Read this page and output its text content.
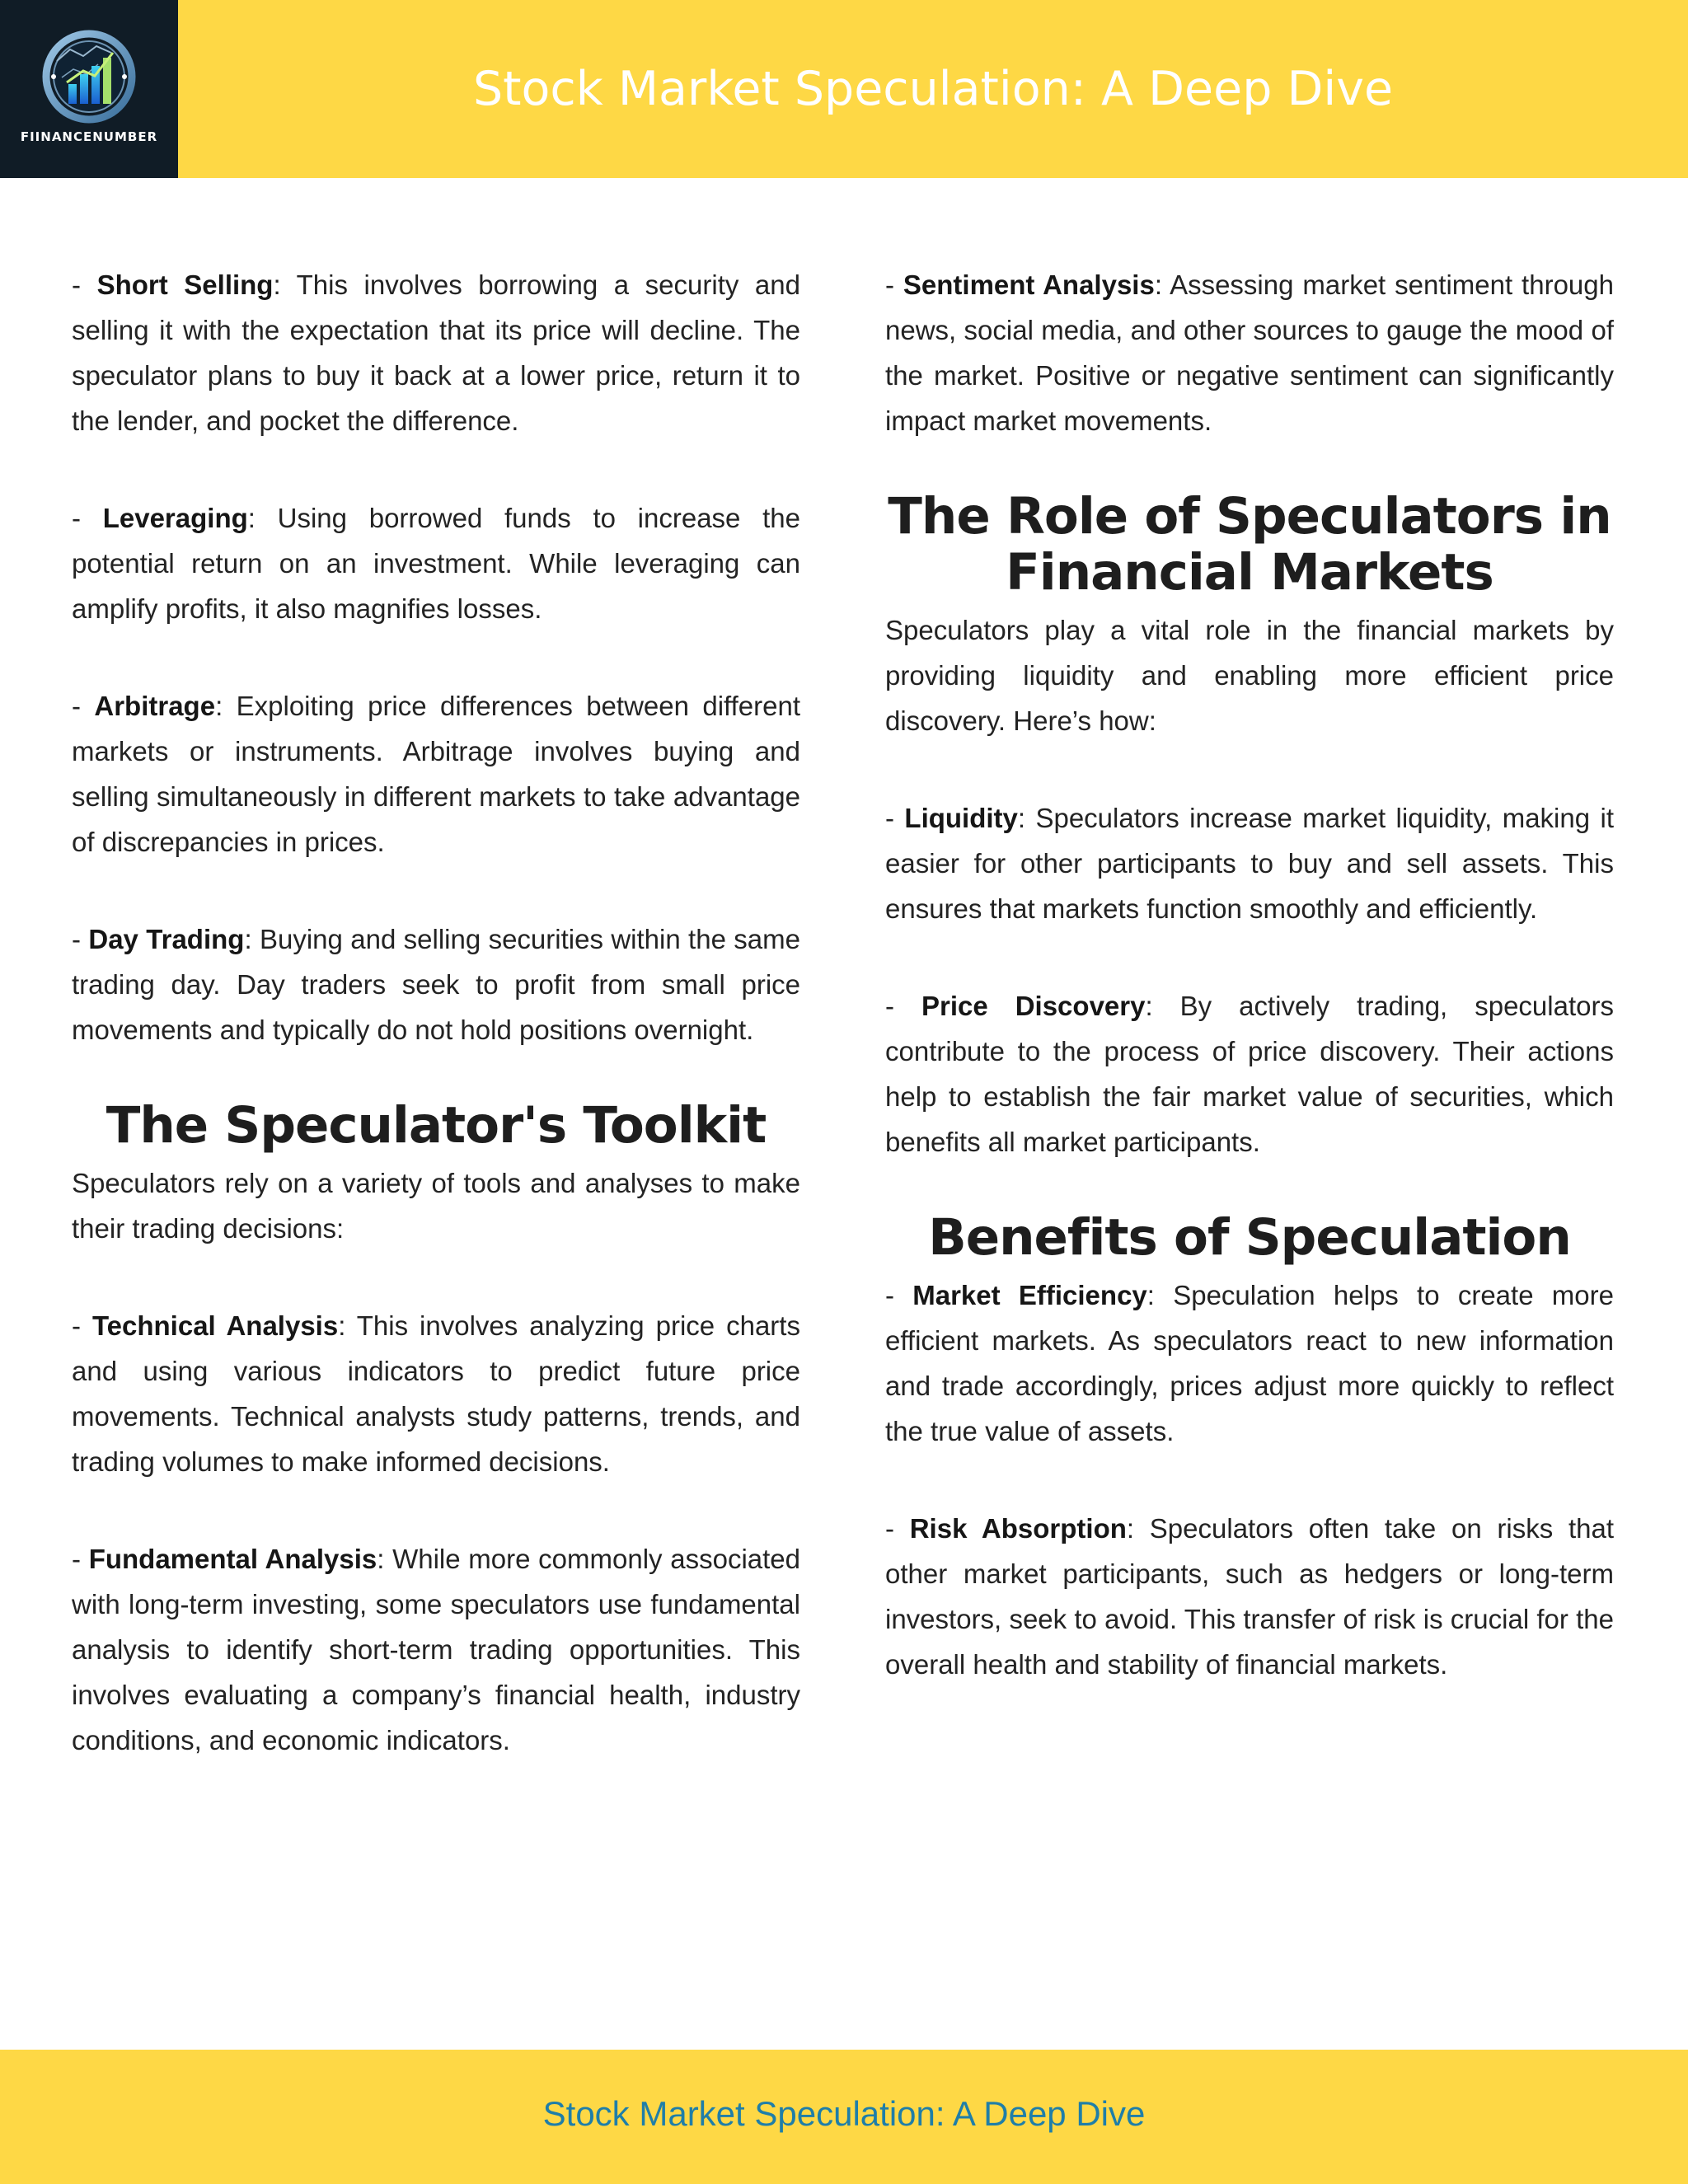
FIINANCENUMBER
Stock Market Speculation: A Deep Dive

- Short Selling: This involves borrowing a security and selling it with the expectation that its price will decline. The speculator plans to buy it back at a lower price, return it to the lender, and pocket the difference.

- Leveraging: Using borrowed funds to increase the potential return on an investment. While leveraging can amplify profits, it also magnifies losses.

- Arbitrage: Exploiting price differences between different markets or instruments. Arbitrage involves buying and selling simultaneously in different markets to take advantage of discrepancies in prices.

- Day Trading: Buying and selling securities within the same trading day. Day traders seek to profit from small price movements and typically do not hold positions overnight.

The Speculator's Toolkit

Speculators rely on a variety of tools and analyses to make their trading decisions:

- Technical Analysis: This involves analyzing price charts and using various indicators to predict future price movements. Technical analysts study patterns, trends, and trading volumes to make informed decisions.

- Fundamental Analysis: While more commonly associated with long-term investing, some speculators use fundamental analysis to identify short-term trading opportunities. This involves evaluating a company’s financial health, industry conditions, and economic indicators.

- Sentiment Analysis: Assessing market sentiment through news, social media, and other sources to gauge the mood of the market. Positive or negative sentiment can significantly impact market movements.

The Role of Speculators in Financial Markets

Speculators play a vital role in the financial markets by providing liquidity and enabling more efficient price discovery. Here’s how:

- Liquidity: Speculators increase market liquidity, making it easier for other participants to buy and sell assets. This ensures that markets function smoothly and efficiently.

- Price Discovery: By actively trading, speculators contribute to the process of price discovery. Their actions help to establish the fair market value of securities, which benefits all market participants.

Benefits of Speculation

- Market Efficiency: Speculation helps to create more efficient markets. As speculators react to new information and trade accordingly, prices adjust more quickly to reflect the true value of assets.

- Risk Absorption: Speculators often take on risks that other market participants, such as hedgers or long-term investors, seek to avoid. This transfer of risk is crucial for the overall health and stability of financial markets.

Stock Market Speculation: A Deep Dive
